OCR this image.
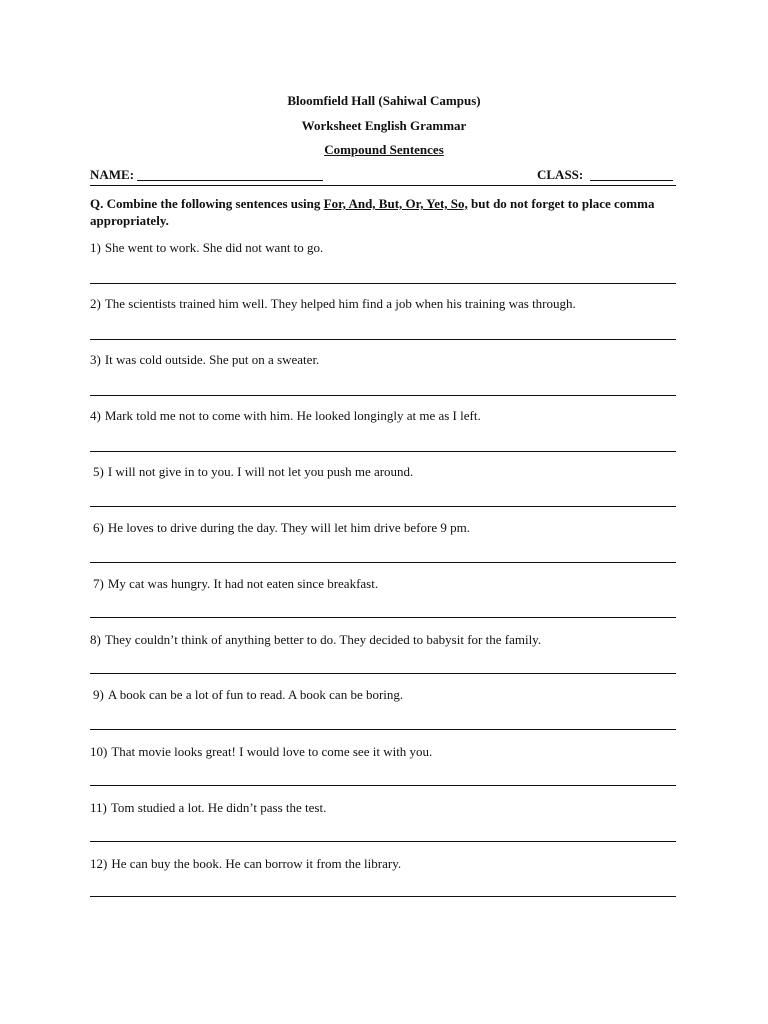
Bloomfield Hall (Sahiwal Campus)
Worksheet English Grammar
Compound Sentences
NAME:	CLASS:
Q. Combine the following sentences using For, And, But, Or, Yet, So, but do not forget to place comma appropriately.
1) She went to work. She did not want to go.
2) The scientists trained him well. They helped him find a job when his training was through.
3) It was cold outside. She put on a sweater.
4) Mark told me not to come with him. He looked longingly at me as I left.
5) I will not give in to you. I will not let you push me around.
6) He loves to drive during the day. They will let him drive before 9 pm.
7) My cat was hungry. It had not eaten since breakfast.
8) They couldn’t think of anything better to do. They decided to babysit for the family.
9) A book can be a lot of fun to read. A book can be boring.
10) That movie looks great! I would love to come see it with you.
11) Tom studied a lot. He didn’t pass the test.
12) He can buy the book. He can borrow it from the library.
